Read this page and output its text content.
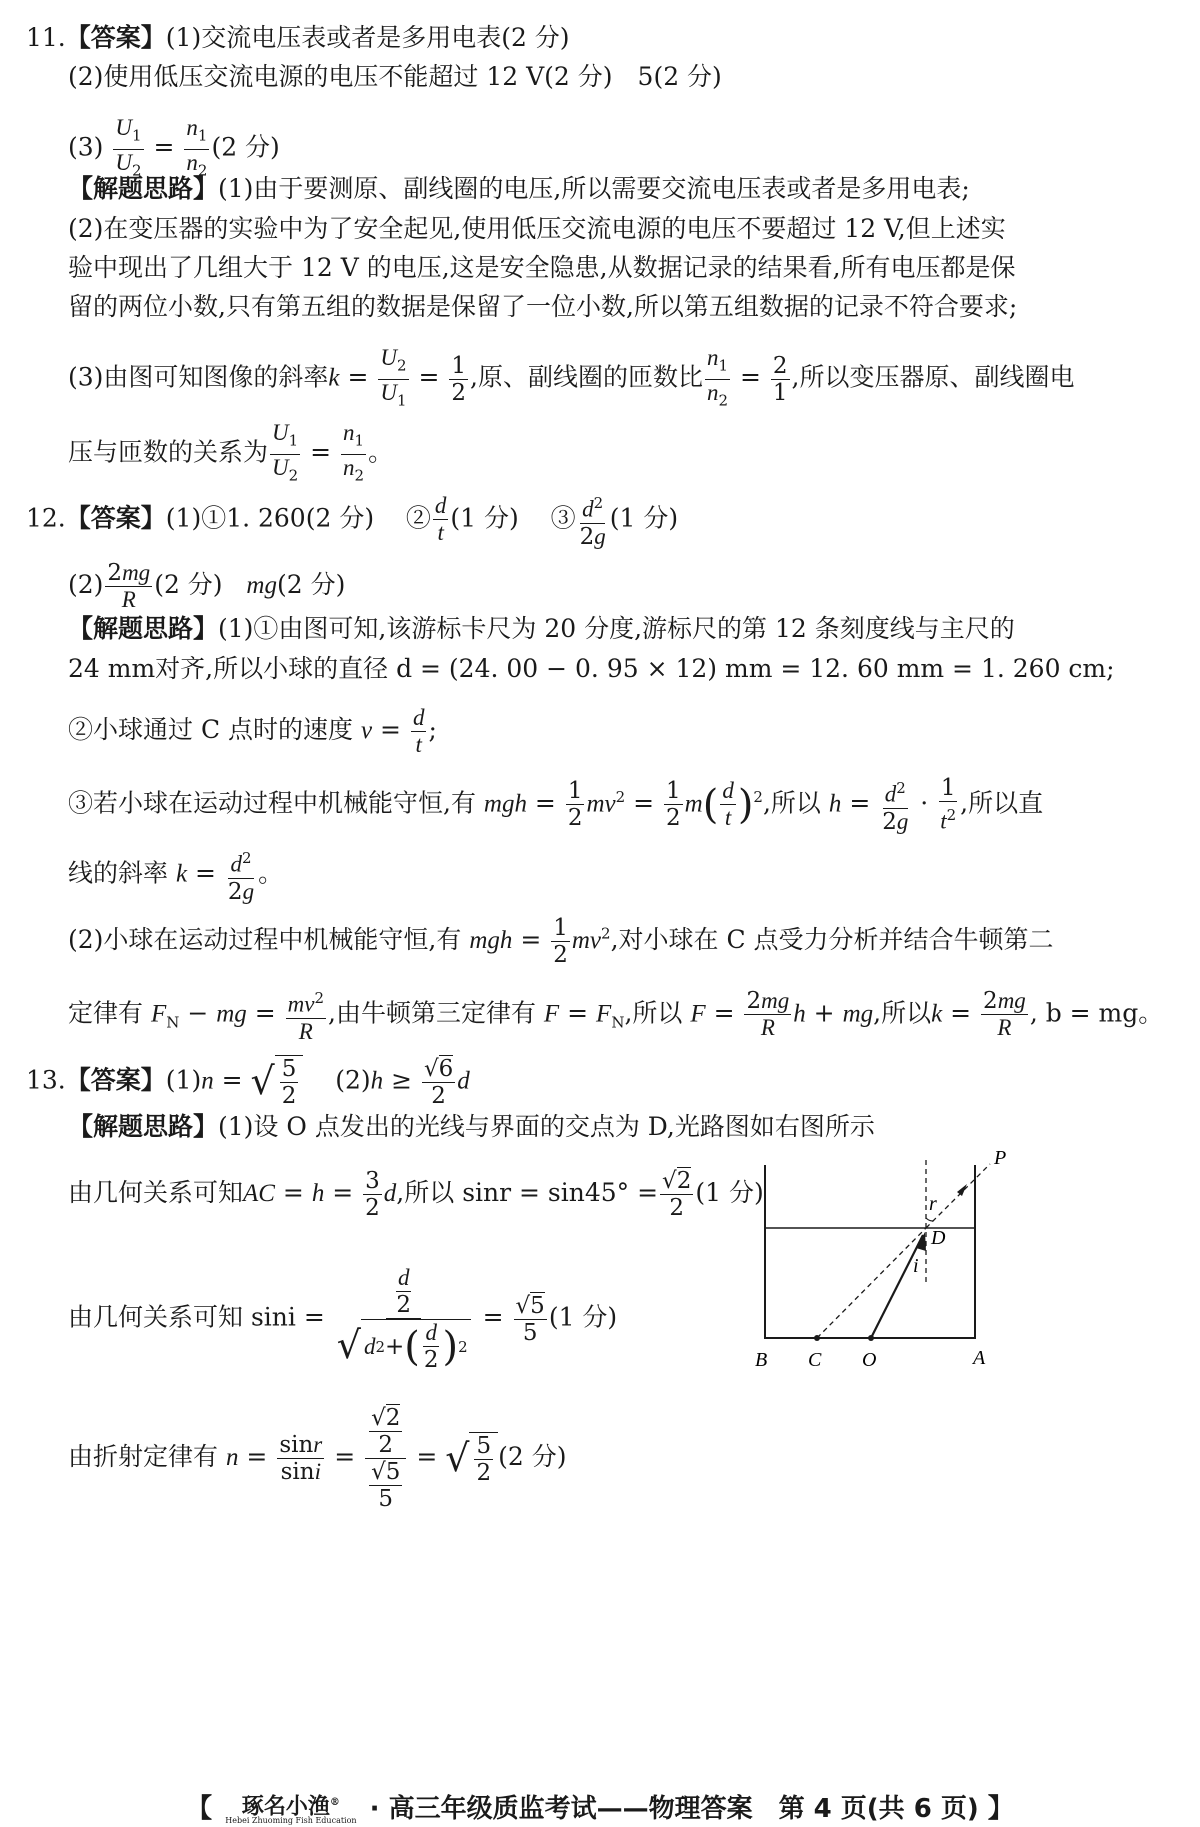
11.【答案】(1)交流电压表或者是多用电表(2 分)
(2)使用低压交流电源的电压不能超过 12 V(2 分)　5(2 分)
$(3) \frac{U_1}{U_2} = \frac{n_1}{n_2} (2$ 分)
【解题思路】(1)由于要测原、副线圈的电压,所以需要交流电压表或者是多用电表;
(2)在变压器的实验中为了安全起见,使用低压交流电源的电压不要超过 12 V,但上述实
验中现出了几组大于 12 V 的电压,这是安全隐患,从数据记录的结果看,所有电压都是保
留的两位小数,只有第五组的数据是保留了一位小数,所以第五组数据的记录不符合要求;
(3)由图可知图像的斜率$k = \frac{U_2}{U_1} = \frac{1}{2}$ ,原、副线圈的匝数比 $\frac{n_1}{n_2} = \frac{2}{1}$ ,所以变压器原、副线圈电
压与匝数的关系为 $\frac{U_1}{U_2} = \frac{n_1}{n_2}$ 。
12.【答案】(1)①1. 260(2 分) ② $\frac{d}{t} (1$ 分) ③ $\frac{d^2}{2g} (1$ 分)
$(2) \frac{2mg}{R} (2$ 分) mg(2 分)
【解题思路】(1)①由图可知,该游标卡尺为 20 分度,游标尺的第 12 条刻度线与主尺的
24 mm对齐,所以小球的直径 d = (24. 00 − 0. 95 × 12) mm = 12. 60 mm = 1. 260 cm;
②小球通过 C 点时的速度 $v = \frac{d}{t}$ ;
③若小球在运动过程中机械能守恒,有 mgh = $\frac{1}{2} mv^2 = \frac{1}{2} m( \frac{d}{t} )^2$,所以 $h = \frac{d^2}{2g} \cdot \frac{1}{t^2}$ ,所以直
线的斜率 $k = \frac{d^2}{2g}$ 。
(2)小球在运动过程中机械能守恒,有 mgh = $\frac{1}{2} mv^2$,对小球在 C 点受力分析并结合牛顿第二
定律有 $F_N$ − mg = $\frac{mv^2}{R}$ ,由牛顿第三定律有 $F = F_N$,所以 $F = \frac{2mg}{R}$ h + mg,所以$k = \frac{2mg}{R}$ , b = mg。
13.【答案】(1)n = √ 5
2
$(2)h \ge \frac{√6}{2}$ d
【解题思路】(1)设 O 点发出的光线与界面的交点为 D,光路图如右图所示
由几何关系可知AC = $h = \frac{3}{2} d$,所以 $\sin r = \sin 45^\circ = \frac{√2}{2} (1$ 分)
由几何关系可知 $\sin i = \frac{d}{2}$
√ d 2 + ( d
2 ) $2 = \frac{√5}{5} (1$ 分)
由折射定律有 $n = \frac{\sin r}{\sin i} = \frac{\frac{√2}{2}}{\frac{√5}{5}}$ = √ 5
2
(2 分)
P
r
D
i
B C O	A
【 琢名小渔®
Hebei Zhuoming Fish Education · 高三年级质监考试——物理答案　第 4 页(共 6 页) 】
